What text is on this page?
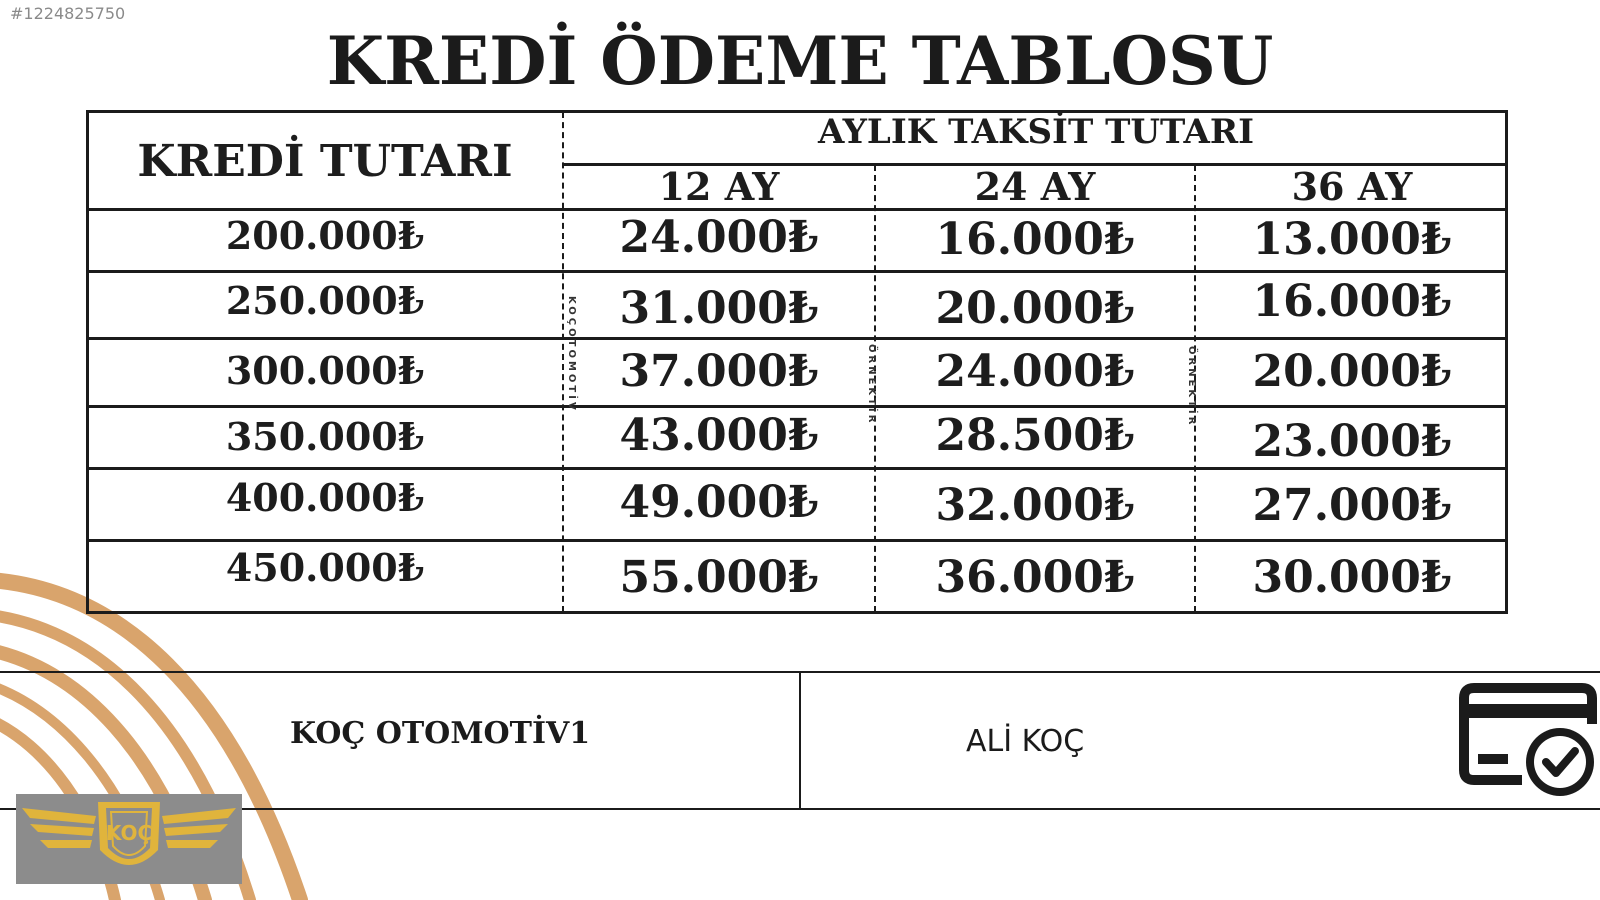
#1224825750
KREDİ ÖDEME TABLOSU
KREDİ TUTARI
AYLIK TAKSİT TUTARI
12 AY	24 AY	36 AY
200.000₺	24.000₺	16.000₺	13.000₺
250.000₺	31.000₺	20.000₺	16.000₺
300.000₺	37.000₺	24.000₺	20.000₺
350.000₺	43.000₺	28.500₺	23.000₺
400.000₺	49.000₺	32.000₺	27.000₺
450.000₺	55.000₺	36.000₺	30.000₺
KOÇOTOMOTİV	ÖRNEKTİR	ÖRNEKTİR
KOÇ OTOMOTİV1	ALİ KOÇ
KOÇ
